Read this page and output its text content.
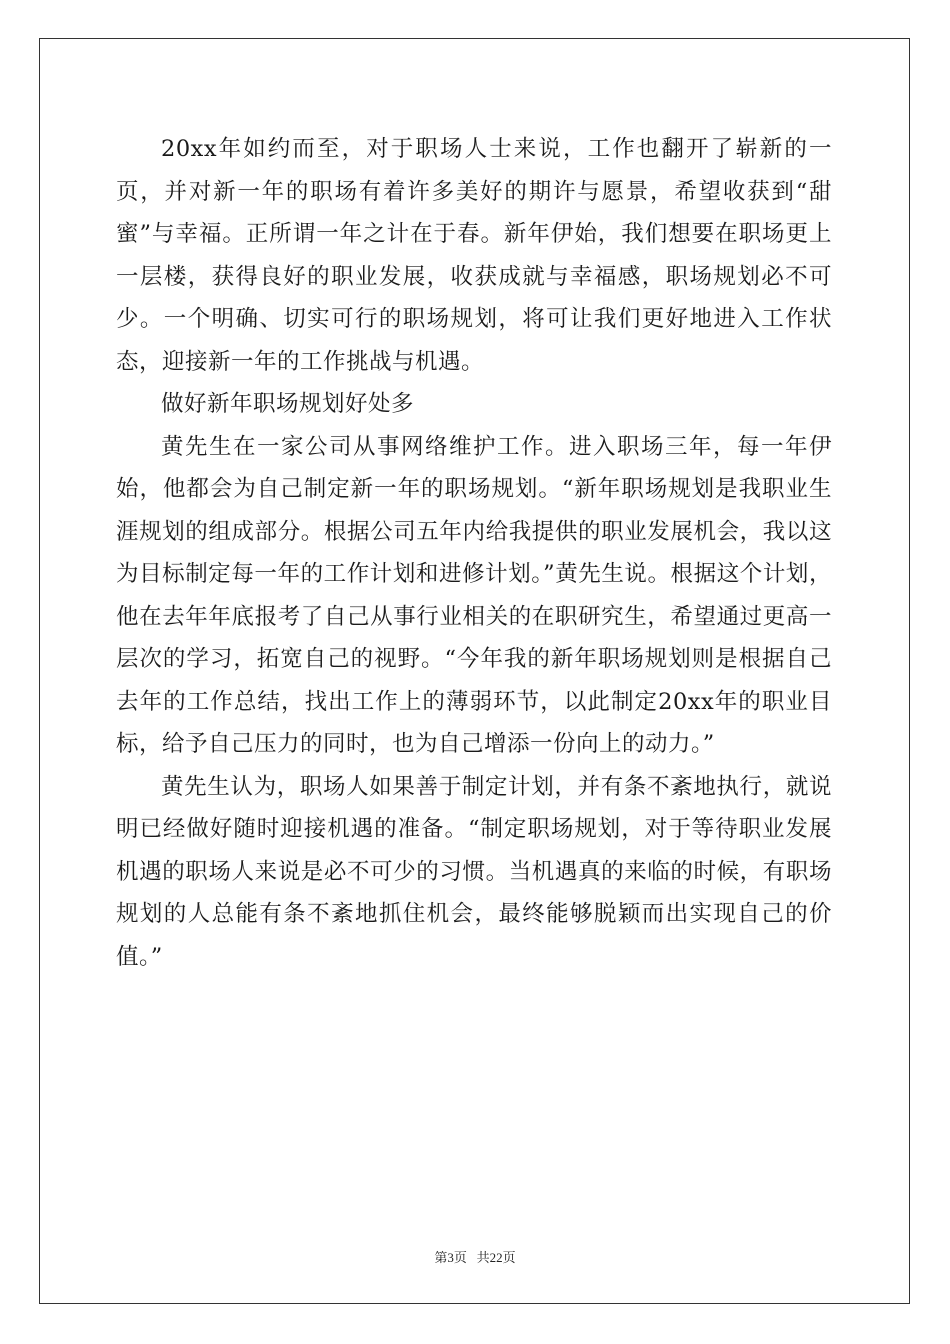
20xx年如约而至，对于职场人士来说，工作也翻开了崭新的一页，并对新一年的职场有着许多美好的期许与愿景，希望收获到“甜蜜”与幸福。正所谓一年之计在于春。新年伊始，我们想要在职场更上一层楼，获得良好的职业发展，收获成就与幸福感，职场规划必不可少。一个明确、切实可行的职场规划，将可让我们更好地进入工作状态，迎接新一年的工作挑战与机遇。

做好新年职场规划好处多

黄先生在一家公司从事网络维护工作。进入职场三年，每一年伊始，他都会为自己制定新一年的职场规划。“新年职场规划是我职业生涯规划的组成部分。根据公司五年内给我提供的职业发展机会，我以这为目标制定每一年的工作计划和进修计划。”黄先生说。根据这个计划，他在去年年底报考了自己从事行业相关的在职研究生，希望通过更高一层次的学习，拓宽自己的视野。“今年我的新年职场规划则是根据自己去年的工作总结，找出工作上的薄弱环节，以此制定20xx年的职业目标，给予自己压力的同时，也为自己增添一份向上的动力。”

黄先生认为，职场人如果善于制定计划，并有条不紊地执行，就说明已经做好随时迎接机遇的准备。“制定职场规划，对于等待职业发展机遇的职场人来说是必不可少的习惯。当机遇真的来临的时候，有职场规划的人总能有条不紊地抓住机会，最终能够脱颖而出实现自己的价值。”

第3页 共22页
